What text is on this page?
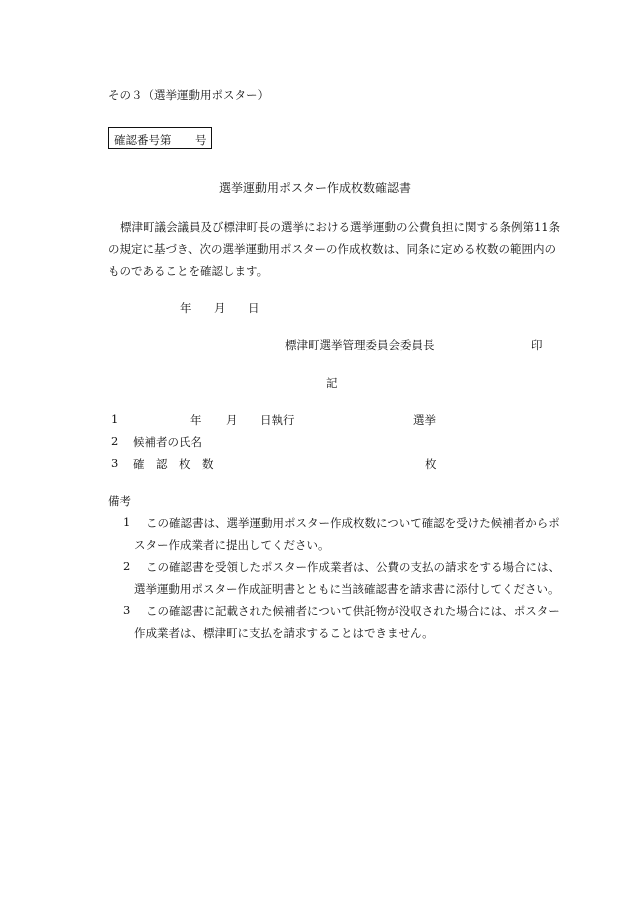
その３（選挙運動用ポスター）
確認番号第 号
選挙運動用ポスター作成枚数確認書
標津町議会議員及び標津町長の選挙における選挙運動の公費負担に関する条例第11条
の規定に基づき、次の選挙運動用ポスターの作成枚数は、同条に定める枚数の範囲内の
ものであることを確認します。
年 月 日
標津町選挙管理委員会委員長	印
記
1	年 月 日執行	選挙
2 候補者の氏名
3 確　認　枚　数	枚
備考
1 この確認書は、選挙運動用ポスター作成枚数について確認を受けた候補者からポ
スター作成業者に提出してください。
2 この確認書を受領したポスター作成業者は、公費の支払の請求をする場合には、
選挙運動用ポスター作成証明書とともに当該確認書を請求書に添付してください。
3 この確認書に記載された候補者について供託物が没収された場合には、ポスター
作成業者は、標津町に支払を請求することはできません。
